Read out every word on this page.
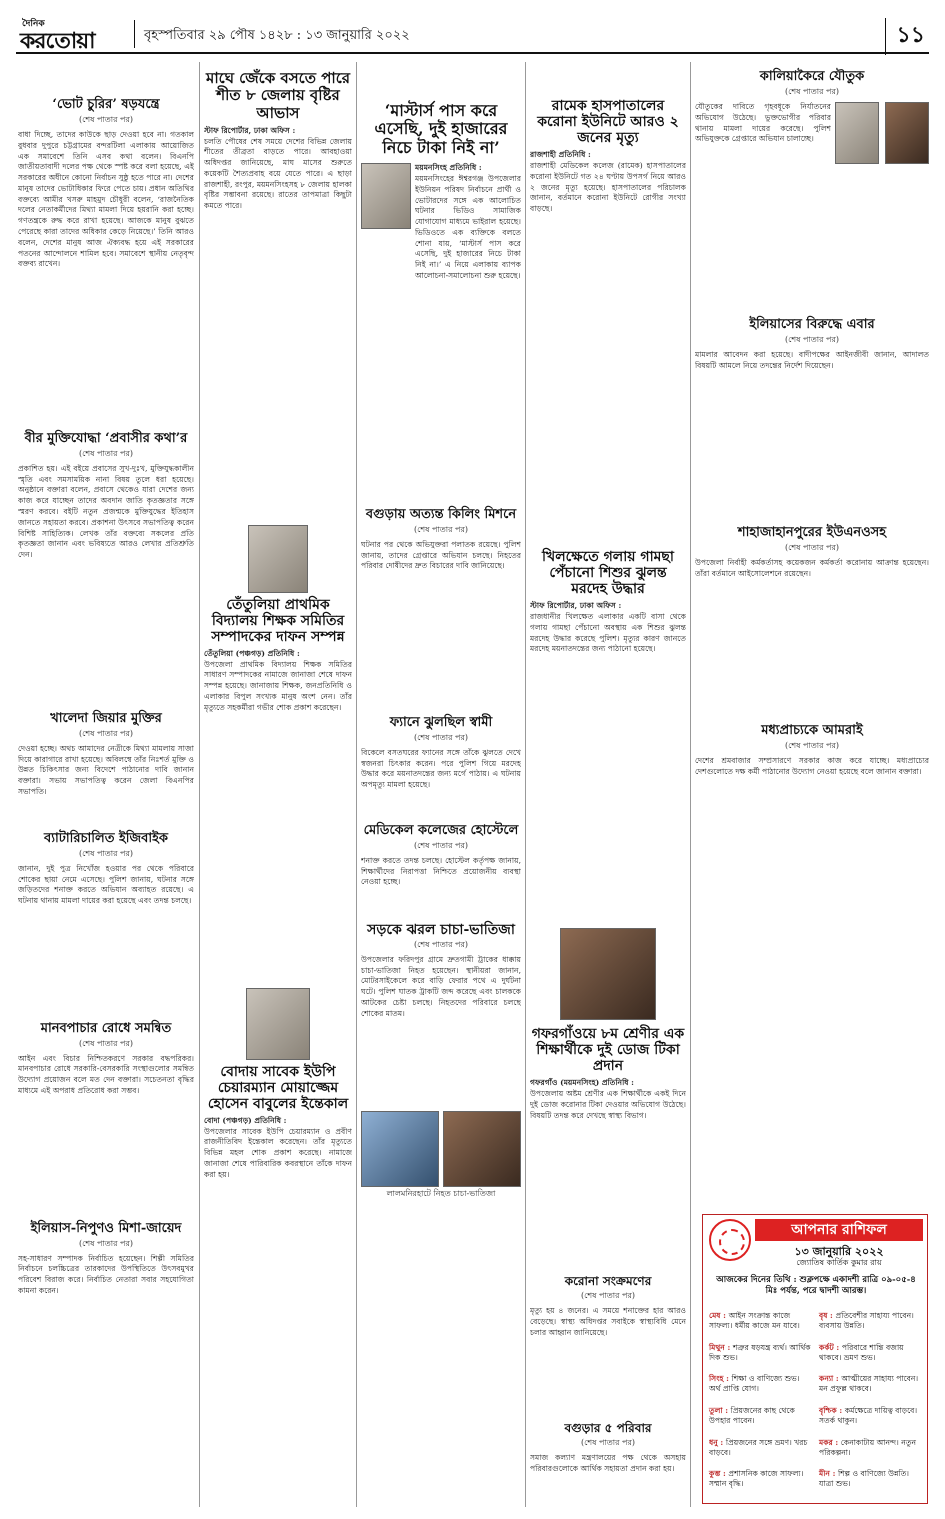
দৈনিক
করতোয়া	বৃহস্পতিবার ২৯ পৌষ ১৪২৮ : ১৩ জানুয়ারি ২০২২	১১
‘ভোট চুরির’ ষড়যন্ত্রে
(শেষ পাতার পর)
বাধা দিচ্ছে, তাদের কাউকে ছাড় দেওয়া হবে না। গতকাল বুধবার দুপুরে চট্টগ্রামের বন্দরটিলা এলাকায় আয়োজিত এক সমাবেশে তিনি এসব কথা বলেন। বিএনপি জাতীয়তাবাদী দলের পক্ষ থেকে স্পষ্ট করে বলা হয়েছে, এই সরকারের অধীনে কোনো নির্বাচন সুষ্ঠু হতে পারে না। দেশের মানুষ তাদের ভোটাধিকার ফিরে পেতে চায়। প্রধান অতিথির বক্তব্যে আমীর খসরু মাহমুদ চৌধুরী বলেন, ‘রাজনৈতিক দলের নেতাকর্মীদের মিথ্যা মামলা দিয়ে হয়রানি করা হচ্ছে। গণতন্ত্রকে রুদ্ধ করে রাখা হয়েছে। আজকে মানুষ বুঝতে পেরেছে কারা তাদের অধিকার কেড়ে নিয়েছে।’ তিনি আরও বলেন, দেশের মানুষ আজ ঐক্যবদ্ধ হয়ে এই সরকারের পতনের আন্দোলনে শামিল হবে। সমাবেশে স্থানীয় নেতৃবৃন্দ বক্তব্য রাখেন।
বীর মুক্তিযোদ্ধা ‘প্রবাসীর কথা’র
(শেষ পাতার পর)
প্রকাশিত হয়। এই বইয়ে প্রবাসের সুখ-দুঃখ, মুক্তিযুদ্ধকালীন স্মৃতি এবং সমসাময়িক নানা বিষয় তুলে ধরা হয়েছে। অনুষ্ঠানে বক্তারা বলেন, প্রবাসে থেকেও যারা দেশের জন্য কাজ করে যাচ্ছেন তাদের অবদান জাতি কৃতজ্ঞতার সঙ্গে স্মরণ করবে। বইটি নতুন প্রজন্মকে মুক্তিযুদ্ধের ইতিহাস জানতে সহায়তা করবে। প্রকাশনা উৎসবে সভাপতিত্ব করেন বিশিষ্ট সাহিত্যিক। লেখক তাঁর বক্তব্যে সকলের প্রতি কৃতজ্ঞতা জানান এবং ভবিষ্যতে আরও লেখার প্রতিশ্রুতি দেন।
খালেদা জিয়ার মুক্তির
(শেষ পাতার পর)
দেওয়া হচ্ছে। অথচ আমাদের নেত্রীকে মিথ্যা মামলায় সাজা দিয়ে কারাগারে রাখা হয়েছে। অবিলম্বে তাঁর নিঃশর্ত মুক্তি ও উন্নত চিকিৎসার জন্য বিদেশে পাঠানোর দাবি জানান বক্তারা। সভায় সভাপতিত্ব করেন জেলা বিএনপির সভাপতি।
ব্যাটারিচালিত ইজিবাইক
(শেষ পাতার পর)
জানান, দুই পুত্র নিখোঁজ হওয়ার পর থেকে পরিবারে শোকের ছায়া নেমে এসেছে। পুলিশ জানায়, ঘটনার সঙ্গে জড়িতদের শনাক্ত করতে অভিযান অব্যাহত রয়েছে। এ ঘটনায় থানায় মামলা দায়ের করা হয়েছে এবং তদন্ত চলছে।
মানবপাচার রোধে সমন্বিত
(শেষ পাতার পর)
আইন এবং বিচার নিশ্চিতকরণে সরকার বদ্ধপরিকর। মানবপাচার রোধে সরকারি-বেসরকারি সংস্থাগুলোর সমন্বিত উদ্যোগ প্রয়োজন বলে মত দেন বক্তারা। সচেতনতা বৃদ্ধির মাধ্যমে এই অপরাধ প্রতিরোধ করা সম্ভব।
ইলিয়াস-নিপুণও মিশা-জায়েদ
(শেষ পাতার পর)
সহ-সাধারণ সম্পাদক নির্বাচিত হয়েছেন। শিল্পী সমিতির নির্বাচনে চলচ্চিত্রের তারকাদের উপস্থিতিতে উৎসবমুখর পরিবেশ বিরাজ করে। নির্বাচিত নেতারা সবার সহযোগিতা কামনা করেন।
মাঘে জেঁকে বসতে পারে শীত ৮ জেলায় বৃষ্টির আভাস
স্টাফ রিপোর্টার, ঢাকা অফিস :
চলতি পৌষের শেষ সময়ে দেশের বিভিন্ন জেলায় শীতের তীব্রতা বাড়তে পারে। আবহাওয়া অধিদপ্তর জানিয়েছে, মাঘ মাসের শুরুতে কয়েকটি শৈত্যপ্রবাহ বয়ে যেতে পারে। এ ছাড়া রাজশাহী, রংপুর, ময়মনসিংহসহ ৮ জেলায় হালকা বৃষ্টির সম্ভাবনা রয়েছে। রাতের তাপমাত্রা কিছুটা কমতে পারে।
তেঁতুলিয়া প্রাথমিক বিদ্যালয় শিক্ষক সমিতির সম্পাদকের দাফন সম্পন্ন
তেঁতুলিয়া (পঞ্চগড়) প্রতিনিধি :
উপজেলা প্রাথমিক বিদ্যালয় শিক্ষক সমিতির সাধারণ সম্পাদকের নামাজে জানাজা শেষে দাফন সম্পন্ন হয়েছে। জানাজায় শিক্ষক, জনপ্রতিনিধি ও এলাকার বিপুল সংখ্যক মানুষ অংশ নেন। তাঁর মৃত্যুতে সহকর্মীরা গভীর শোক প্রকাশ করেছেন।
বোদায় সাবেক ইউপি চেয়ারম্যান মোয়াজ্জেম হোসেন বাবুলের ইন্তেকাল
বোদা (পঞ্চগড়) প্রতিনিধি :
উপজেলার সাবেক ইউপি চেয়ারম্যান ও প্রবীণ রাজনীতিবিদ ইন্তেকাল করেছেন। তাঁর মৃত্যুতে বিভিন্ন মহল শোক প্রকাশ করেছে। নামাজে জানাজা শেষে পারিবারিক কবরস্থানে তাঁকে দাফন করা হয়।
‘মাস্টার্স পাস করে এসেছি, দুই হাজারের নিচে টাকা নিই না’
ময়মনসিংহ প্রতিনিধি :
ময়মনসিংহের ঈশ্বরগঞ্জ উপজেলার ইউনিয়ন পরিষদ নির্বাচনে প্রার্থী ও ভোটারদের সঙ্গে এক আলোচিত ঘটনার ভিডিও সামাজিক যোগাযোগ মাধ্যমে ভাইরাল হয়েছে। ভিডিওতে এক ব্যক্তিকে বলতে শোনা যায়, ‘মাস্টার্স পাস করে এসেছি, দুই হাজারের নিচে টাকা নিই না।’ এ নিয়ে এলাকায় ব্যাপক আলোচনা-সমালোচনা শুরু হয়েছে।
বগুড়ায় অত্যন্ত কিলিং মিশনে
(শেষ পাতার পর)
ঘটনার পর থেকে অভিযুক্তরা পলাতক রয়েছে। পুলিশ জানায়, তাদের গ্রেপ্তারে অভিযান চলছে। নিহতের পরিবার দোষীদের দ্রুত বিচারের দাবি জানিয়েছে।
ফ্যানে ঝুলছিল স্বামী
(শেষ পাতার পর)
বিকেলে বসতঘরের ফ্যানের সঙ্গে তাঁকে ঝুলতে দেখে স্বজনরা চিৎকার করেন। পরে পুলিশ গিয়ে মরদেহ উদ্ধার করে ময়নাতদন্তের জন্য মর্গে পাঠায়। এ ঘটনায় অপমৃত্যু মামলা হয়েছে।
মেডিকেল কলেজের হোস্টেলে
(শেষ পাতার পর)
শনাক্ত করতে তদন্ত চলছে। হোস্টেল কর্তৃপক্ষ জানায়, শিক্ষার্থীদের নিরাপত্তা নিশ্চিতে প্রয়োজনীয় ব্যবস্থা নেওয়া হচ্ছে।
সড়কে ঝরল চাচা-ভাতিজা
(শেষ পাতার পর)
উপজেলার ফরিদপুর গ্রামে দ্রুতগামী ট্রাকের ধাক্কায় চাচা-ভাতিজা নিহত হয়েছেন। স্থানীয়রা জানান, মোটরসাইকেলে করে বাড়ি ফেরার পথে এ দুর্ঘটনা ঘটে। পুলিশ ঘাতক ট্রাকটি জব্দ করেছে এবং চালককে আটকের চেষ্টা চলছে। নিহতদের পরিবারে চলছে শোকের মাতম।
লালমনিরহাটে নিহত চাচা-ভাতিজা
রামেক হাসপাতালের করোনা ইউনিটে আরও ২ জনের মৃত্যু
রাজশাহী প্রতিনিধি :
রাজশাহী মেডিকেল কলেজ (রামেক) হাসপাতালের করোনা ইউনিটে গত ২৪ ঘণ্টায় উপসর্গ নিয়ে আরও ২ জনের মৃত্যু হয়েছে। হাসপাতালের পরিচালক জানান, বর্তমানে করোনা ইউনিটে রোগীর সংখ্যা বাড়ছে।
খিলক্ষেতে গলায় গামছা পেঁচানো শিশুর ঝুলন্ত মরদেহ উদ্ধার
স্টাফ রিপোর্টার, ঢাকা অফিস :
রাজধানীর খিলক্ষেত এলাকার একটি বাসা থেকে গলায় গামছা পেঁচানো অবস্থায় এক শিশুর ঝুলন্ত মরদেহ উদ্ধার করেছে পুলিশ। মৃত্যুর কারণ জানতে মরদেহ ময়নাতদন্তের জন্য পাঠানো হয়েছে।
গফরগাঁওয়ে ৮ম শ্রেণীর এক শিক্ষার্থীকে দুই ডোজ টিকা প্রদান
গফরগাঁও (ময়মনসিংহ) প্রতিনিধি :
উপজেলায় অষ্টম শ্রেণীর এক শিক্ষার্থীকে একই দিনে দুই ডোজ করোনার টিকা দেওয়ার অভিযোগ উঠেছে। বিষয়টি তদন্ত করে দেখছে স্বাস্থ্য বিভাগ।
করোনা সংক্রমণের
(শেষ পাতার পর)
মৃত্যু হয় ৪ জনের। এ সময়ে শনাক্তের হার আরও বেড়েছে। স্বাস্থ্য অধিদপ্তর সবাইকে স্বাস্থ্যবিধি মেনে চলার আহ্বান জানিয়েছে।
বগুড়ার ৫ পরিবার
(শেষ পাতার পর)
সমাজ কল্যাণ মন্ত্রণালয়ের পক্ষ থেকে অসহায় পরিবারগুলোকে আর্থিক সহায়তা প্রদান করা হয়।
কালিয়াকৈরে যৌতুক
(শেষ পাতার পর)
যৌতুকের দাবিতে গৃহবধূকে নির্যাতনের অভিযোগ উঠেছে। ভুক্তভোগীর পরিবার থানায় মামলা দায়ের করেছে। পুলিশ অভিযুক্তকে গ্রেপ্তারে অভিযান চালাচ্ছে।
ইলিয়াসের বিরুদ্ধে এবার
(শেষ পাতার পর)
মামলার আবেদন করা হয়েছে। বাদীপক্ষের আইনজীবী জানান, আদালত বিষয়টি আমলে নিয়ে তদন্তের নির্দেশ দিয়েছেন।
শাহাজাহানপুরের ইউএনওসহ
(শেষ পাতার পর)
উপজেলা নির্বাহী কর্মকর্তাসহ কয়েকজন কর্মকর্তা করোনায় আক্রান্ত হয়েছেন। তাঁরা বর্তমানে আইসোলেশনে রয়েছেন।
মধ্যপ্রাচ্যকে আমরাই
(শেষ পাতার পর)
দেশের শ্রমবাজার সম্প্রসারণে সরকার কাজ করে যাচ্ছে। মধ্যপ্রাচ্যের দেশগুলোতে দক্ষ কর্মী পাঠানোর উদ্যোগ নেওয়া হয়েছে বলে জানান বক্তারা।
আপনার রাশিফল
১৩ জানুয়ারি ২০২২
জ্যোতিষ কার্তিক কুমার রায়
আজকের দিনের তিথি : শুক্লপক্ষে একাদশী রাত্রি ০৯-০৫-৪ মিঃ পর্যন্ত, পরে দ্বাদশী আরম্ভ।
মেষ : আইন সংক্রান্ত কাজে সাফল্য। ধর্মীয় কাজে মন যাবে।
বৃষ : প্রতিবেশীর সাহায্য পাবেন। ব্যবসায় উন্নতি।
মিথুন : শত্রুর ষড়যন্ত্র ব্যর্থ। আর্থিক দিক শুভ।
কর্কট : পরিবারে শান্তি বজায় থাকবে। ভ্রমণ শুভ।
সিংহ : শিক্ষা ও বাণিজ্যে শুভ। অর্থ প্রাপ্তি যোগ।
কন্যা : আত্মীয়ের সাহায্য পাবেন। মন প্রফুল্ল থাকবে।
তুলা : প্রিয়জনের কাছ থেকে উপহার পাবেন।
বৃশ্চিক : কর্মক্ষেত্রে দায়িত্ব বাড়বে। সতর্ক থাকুন।
ধনু : প্রিয়জনের সঙ্গে ভ্রমণ। খরচ বাড়বে।
মকর : কেনাকাটায় আনন্দ। নতুন পরিকল্পনা।
কুম্ভ : প্রশাসনিক কাজে সাফল্য। সম্মান বৃদ্ধি।
মীন : শিল্প ও বাণিজ্যে উন্নতি। যাত্রা শুভ।
